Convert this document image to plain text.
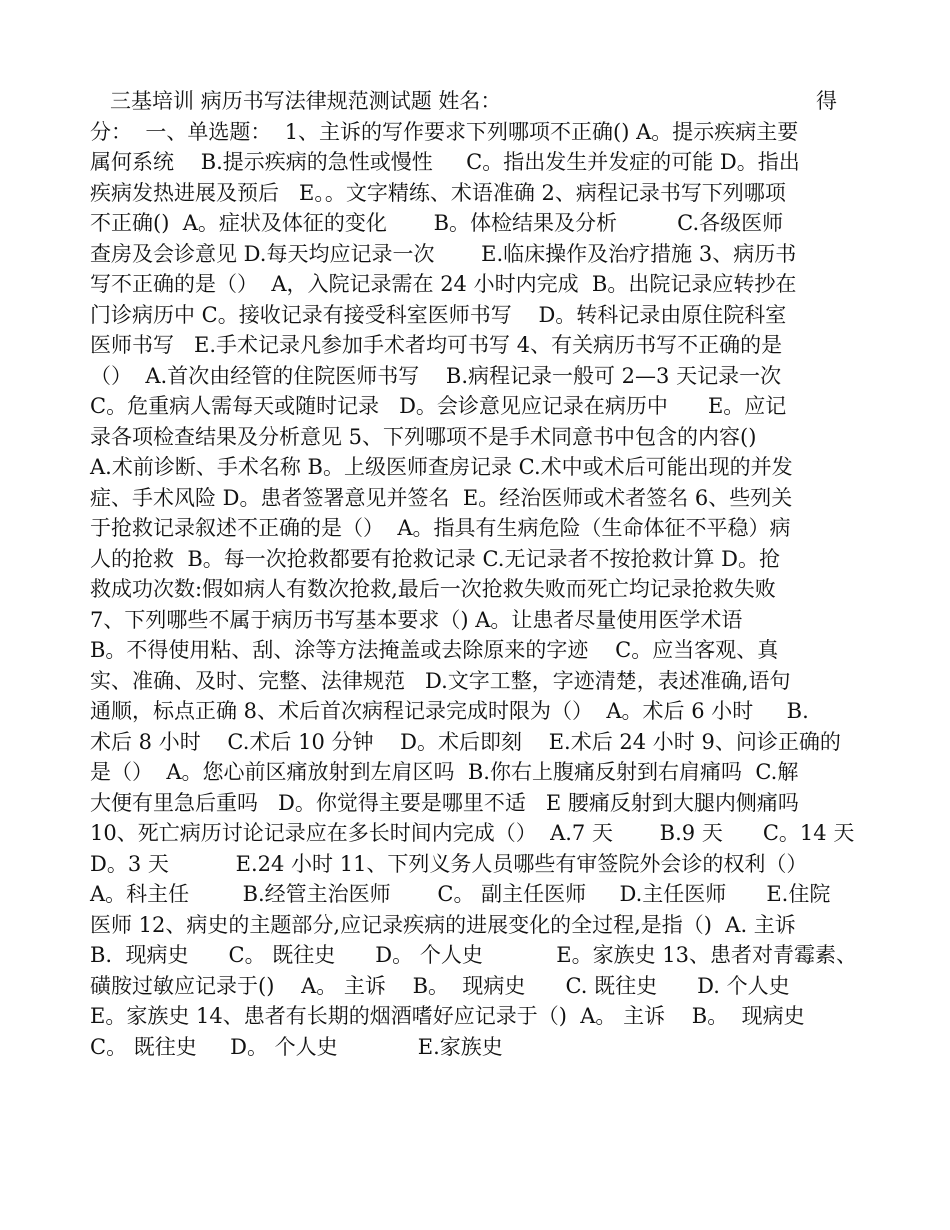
三基培训 病历书写法律规范测试题 姓名：	得
分：  一、单选题：  1、主诉的写作要求下列哪项不正确() A。提示疾病主要
属何系统    B.提示疾病的急性或慢性     C。指出发生并发症的可能 D。指出
疾病发热进展及预后   E。。文字精练、术语准确 2、病程记录书写下列哪项
不正确()  A。症状及体征的变化       B。体检结果及分析         C.各级医师
查房及会诊意见 D.每天均应记录一次       E.临床操作及治疗措施 3、病历书
写不正确的是（）  A，入院记录需在 24 小时内完成  B。出院记录应转抄在
门诊病历中 C。接收记录有接受科室医师书写    D。转科记录由原住院科室
医师书写   E.手术记录凡参加手术者均可书写 4、有关病历书写不正确的是
（）  A.首次由经管的住院医师书写    B.病程记录一般可 2—3 天记录一次
C。危重病人需每天或随时记录   D。会诊意见应记录在病历中      E。应记
录各项检查结果及分析意见 5、下列哪项不是手术同意书中包含的内容()
A.术前诊断、手术名称 B。上级医师查房记录 C.术中或术后可能出现的并发
症、手术风险 D。患者签署意见并签名  E。经治医师或术者签名 6、些列关
于抢救记录叙述不正确的是（）  A。指具有生病危险（生命体征不平稳）病
人的抢救  B。每一次抢救都要有抢救记录 C.无记录者不按抢救计算 D。抢
救成功次数:假如病人有数次抢救,最后一次抢救失败而死亡均记录抢救失败
7、下列哪些不属于病历书写基本要求（) A。让患者尽量使用医学术语
B。不得使用粘、刮、涂等方法掩盖或去除原来的字迹    C。应当客观、真
实、准确、及时、完整、法律规范   D.文字工整，字迹清楚，表述准确,语句
通顺，标点正确 8、术后首次病程记录完成时限为（）  A。术后 6 小时     B.
术后 8 小时    C.术后 10 分钟    D。术后即刻    E.术后 24 小时 9、问诊正确的
是（）  A。您心前区痛放射到左肩区吗  B.你右上腹痛反射到右肩痛吗  C.解
大便有里急后重吗   D。你觉得主要是哪里不适   E 腰痛反射到大腿内侧痛吗
10、死亡病历讨论记录应在多长时间内完成（）  A.7 天       B.9 天      C。14 天
D。3 天          E.24 小时 11、下列义务人员哪些有审签院外会诊的权利（）
A。科主任        B.经管主治医师       C。 副主任医师     D.主任医师      E.住院
医师 12、病史的主题部分,应记录疾病的进展变化的全过程,是指（)  A. 主诉
B.  现病史      C。 既往史      D。 个人史           E。家族史 13、患者对青霉素、
磺胺过敏应记录于()    A。 主诉    B。  现病史      C. 既往史      D. 个人史
E。家族史 14、患者有长期的烟酒嗜好应记录于（)  A。 主诉    B。  现病史
C。 既往史     D。 个人史            E.家族史
